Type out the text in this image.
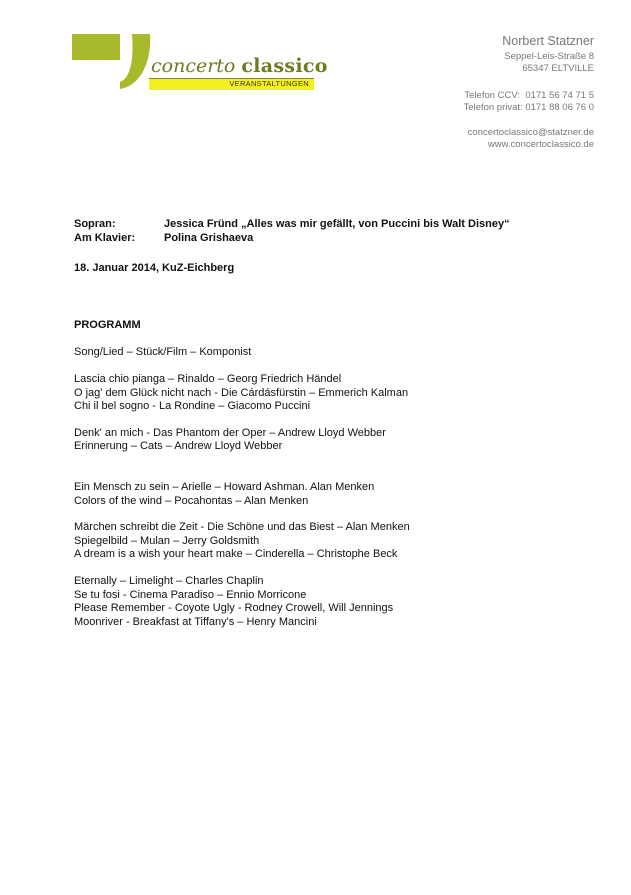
concerto classico
VERANSTALTUNGEN
Norbert Statzner
Seppel-Leis-Straße 8
65347 ELTVILLE
Telefon CCV: 0171 56 74 71 5
Telefon privat: 0171 88 06 76 0
concertoclassico@statzner.de
www.concertoclassico.de
Sopran:	Jessica Fründ „Alles was mir gefällt, von Puccini bis Walt Disney“
Am Klavier:	Polina Grishaeva
18. Januar 2014, KuZ-Eichberg
PROGRAMM
Song/Lied – Stück/Film – Komponist
Lascia chio pianga – Rinaldo – Georg Friedrich Händel
O jag' dem Glück nicht nach - Die Cárdásfürstin – Emmerich Kalman
Chi il bel sogno - La Rondine – Giacomo Puccini
Denk' an mich - Das Phantom der Oper – Andrew Lloyd Webber
Erinnerung – Cats – Andrew Lloyd Webber
Ein Mensch zu sein – Arielle – Howard Ashman. Alan Menken
Colors of the wind – Pocahontas – Alan Menken
Märchen schreibt die Zeit - Die Schöne und das Biest – Alan Menken
Spiegelbild – Mulan – Jerry Goldsmith
A dream is a wish your heart make – Cinderella – Christophe Beck
Eternally – Limelight – Charles Chaplin
Se tu fosi - Cinema Paradiso – Ennio Morricone
Please Remember - Coyote Ugly - Rodney Crowell, Will Jennings
Moonriver - Breakfast at Tiffany's – Henry Mancini
